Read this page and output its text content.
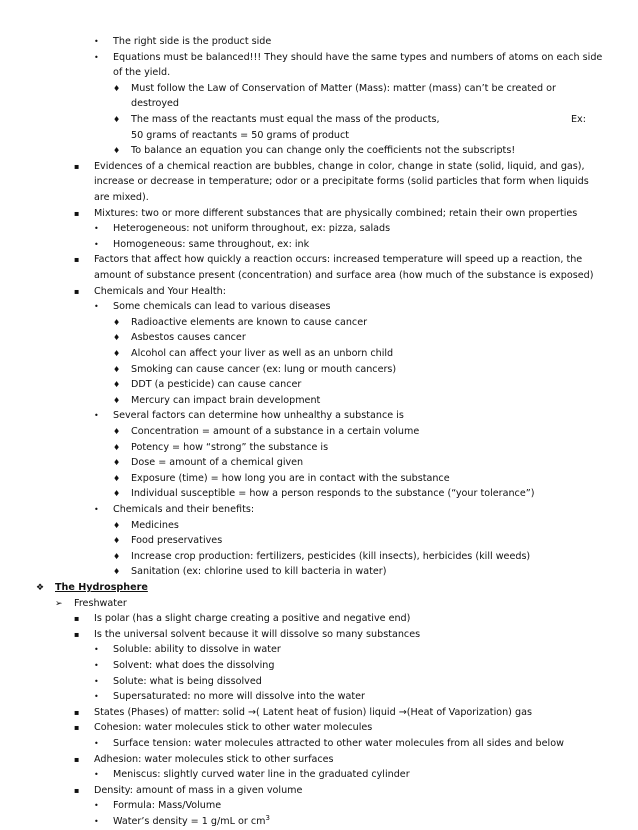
• The right side is the product side
• Equations must be balanced!!! They should have the same types and numbers of atoms on each side
of the yield.
♦ Must follow the Law of Conservation of Matter (Mass): matter (mass) can’t be created or
destroyed
♦ The mass of the reactants must equal the mass of the products,	Ex:
50 grams of reactants = 50 grams of product
♦ To balance an equation you can change only the coefficients not the subscripts!
▪ Evidences of a chemical reaction are bubbles, change in color, change in state (solid, liquid, and gas),
increase or decrease in temperature; odor or a precipitate forms (solid particles that form when liquids
are mixed).
▪ Mixtures: two or more different substances that are physically combined; retain their own properties
• Heterogeneous: not uniform throughout, ex: pizza, salads
• Homogeneous: same throughout, ex: ink
▪ Factors that affect how quickly a reaction occurs: increased temperature will speed up a reaction, the
amount of substance present (concentration) and surface area (how much of the substance is exposed)
▪ Chemicals and Your Health:
• Some chemicals can lead to various diseases
♦ Radioactive elements are known to cause cancer
♦ Asbestos causes cancer
♦ Alcohol can affect your liver as well as an unborn child
♦ Smoking can cause cancer (ex: lung or mouth cancers)
♦ DDT (a pesticide) can cause cancer
♦ Mercury can impact brain development
• Several factors can determine how unhealthy a substance is
♦ Concentration = amount of a substance in a certain volume
♦ Potency = how “strong” the substance is
♦ Dose = amount of a chemical given
♦ Exposure (time) = how long you are in contact with the substance
♦ Individual susceptible = how a person responds to the substance (“your tolerance”)
• Chemicals and their benefits:
♦ Medicines
♦ Food preservatives
♦ Increase crop production: fertilizers, pesticides (kill insects), herbicides (kill weeds)
♦ Sanitation (ex: chlorine used to kill bacteria in water)
❖ The Hydrosphere
➢ Freshwater
▪ Is polar (has a slight charge creating a positive and negative end)
▪ Is the universal solvent because it will dissolve so many substances
• Soluble: ability to dissolve in water
• Solvent: what does the dissolving
• Solute: what is being dissolved
• Supersaturated: no more will dissolve into the water
▪ States (Phases) of matter: solid →( Latent heat of fusion) liquid →(Heat of Vaporization) gas
▪ Cohesion: water molecules stick to other water molecules
• Surface tension: water molecules attracted to other water molecules from all sides and below
▪ Adhesion: water molecules stick to other surfaces
• Meniscus: slightly curved water line in the graduated cylinder
▪ Density: amount of mass in a given volume
• Formula: Mass/Volume
• Water’s density = 1 g/mL or $cm^3$
